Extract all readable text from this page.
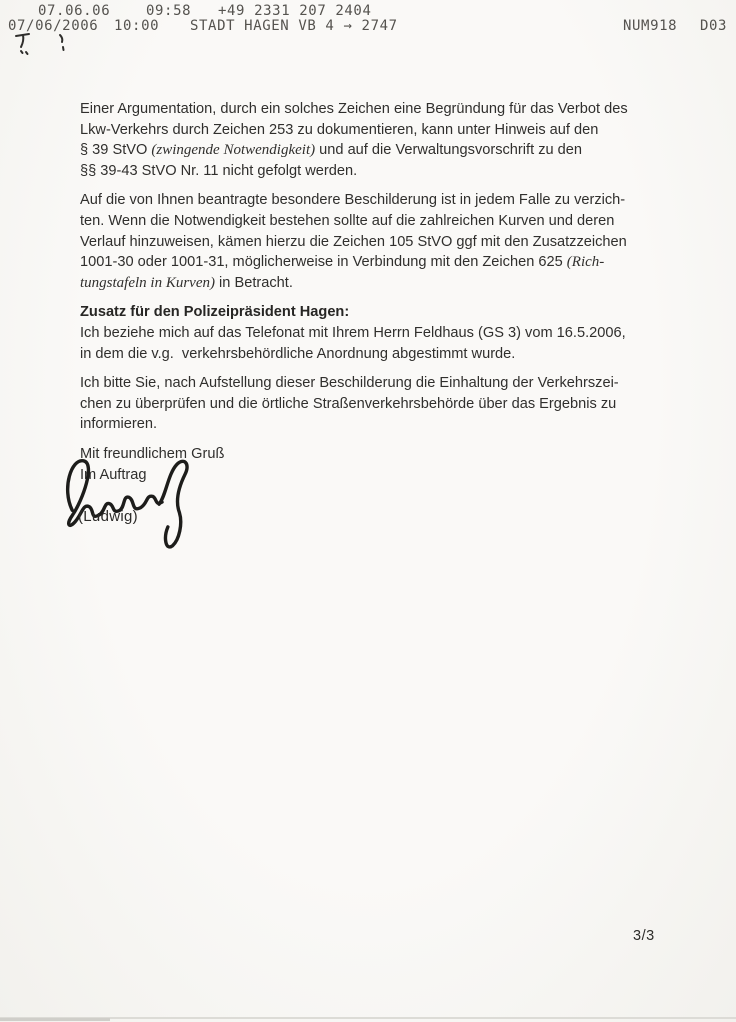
07.06.06	09:58 +49 2331 207 2404
07/06/2006 10:00 STADT HAGEN VB 4 → 2747	NUM918 D03

Einer Argumentation, durch ein solches Zeichen eine Begründung für das Verbot des
Lkw-Verkehrs durch Zeichen 253 zu dokumentieren, kann unter Hinweis auf den
§ 39 StVO (zwingende Notwendigkeit) und auf die Verwaltungsvorschrift zu den
§§ 39-43 StVO Nr. 11 nicht gefolgt werden.

Auf die von Ihnen beantragte besondere Beschilderung ist in jedem Falle zu verzich-
ten. Wenn die Notwendigkeit bestehen sollte auf die zahlreichen Kurven und deren
Verlauf hinzuweisen, kämen hierzu die Zeichen 105 StVO ggf mit den Zusatzzeichen
1001-30 oder 1001-31, möglicherweise in Verbindung mit den Zeichen 625 (Rich-
tungstafeln in Kurven) in Betracht.

Zusatz für den Polizeipräsident Hagen:
Ich beziehe mich auf das Telefonat mit Ihrem Herrn Feldhaus (GS 3) vom 16.5.2006,
in dem die v.g.  verkehrsbehördliche Anordnung abgestimmt wurde.

Ich bitte Sie, nach Aufstellung dieser Beschilderung die Einhaltung der Verkehrszei-
chen zu überprüfen und die örtliche Straßenverkehrsbehörde über das Ergebnis zu
informieren.

Mit freundlichem Gruß
Im Auftrag

(Ludwig)
3/3
